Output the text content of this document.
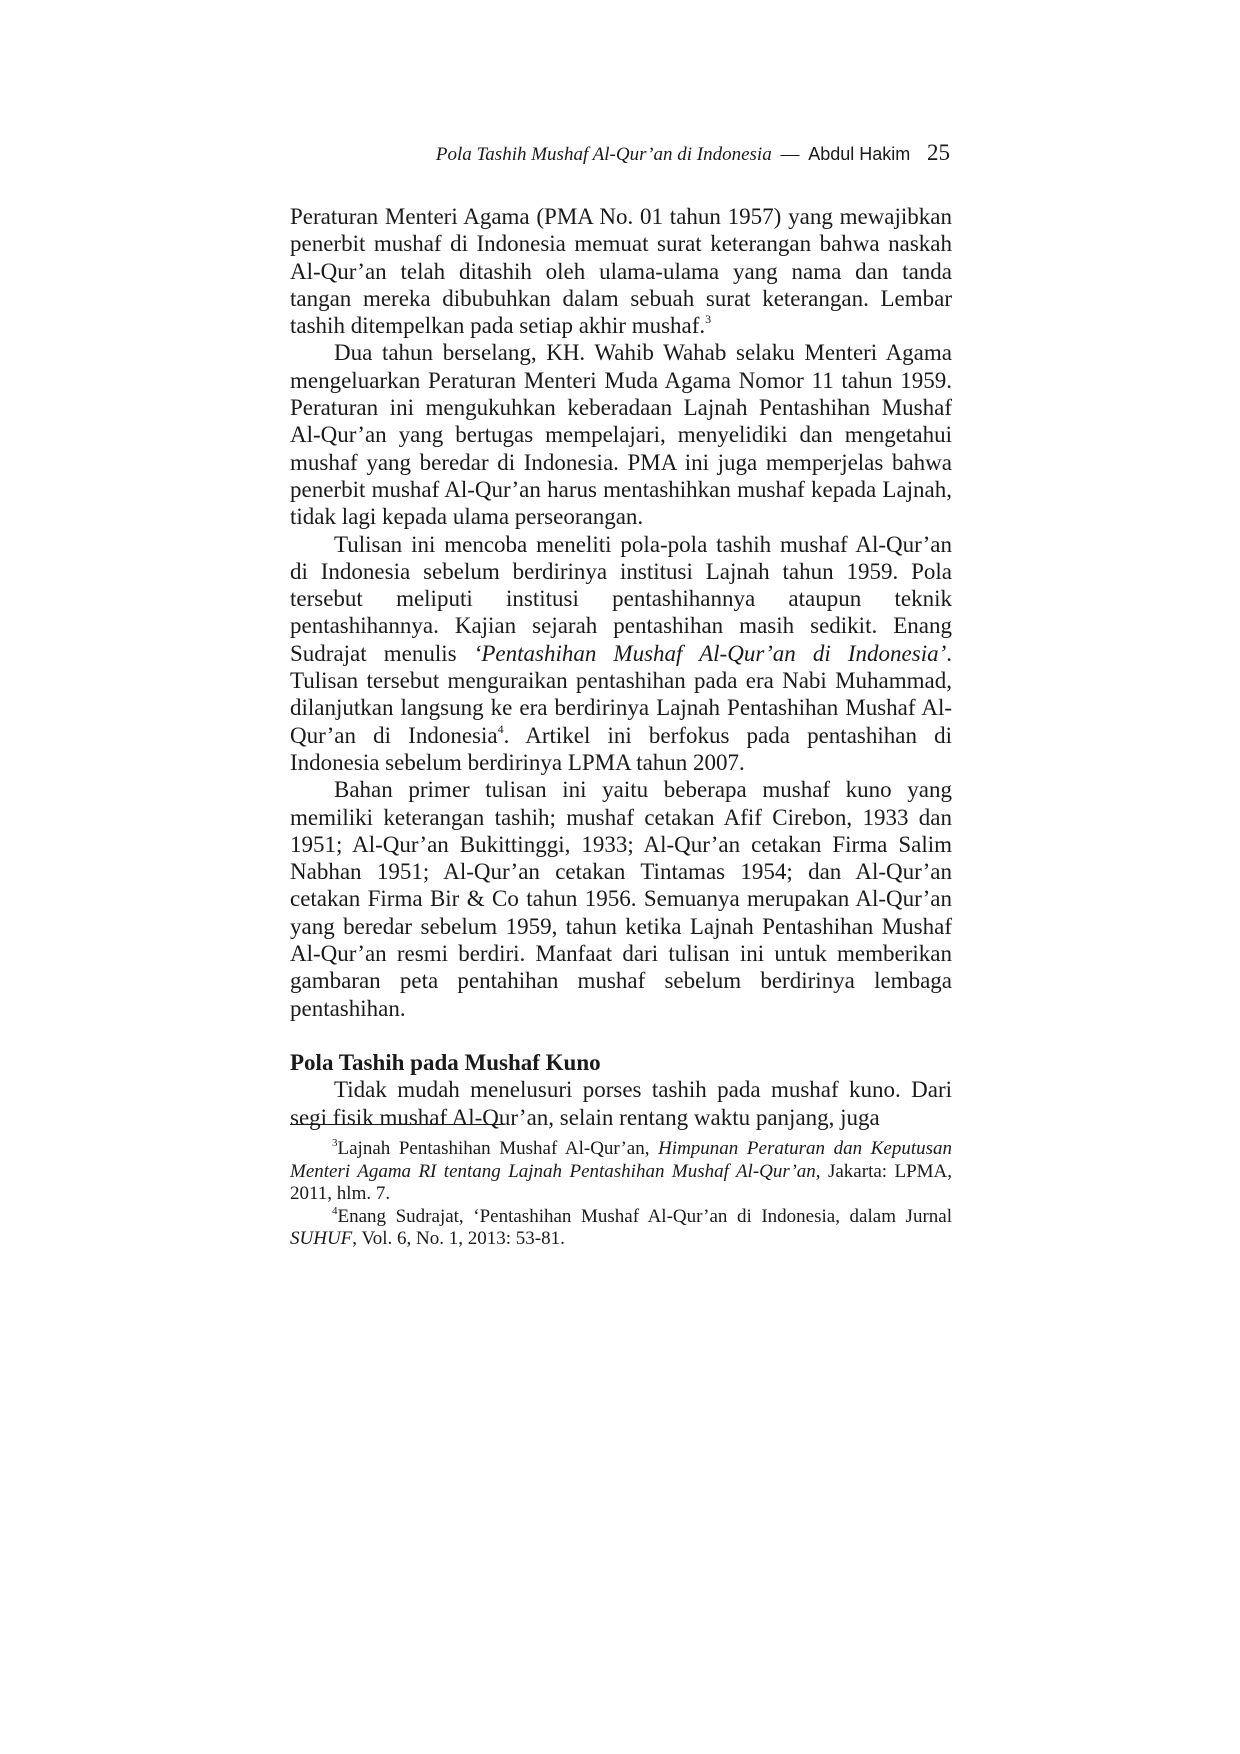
Pola Tashih Mushaf Al-Qur’an di Indonesia — Abdul Hakim 25

Peraturan Menteri Agama (PMA No. 01 tahun 1957) yang mewajibkan penerbit mushaf di Indonesia memuat surat keterangan bahwa naskah Al-Qur’an telah ditashih oleh ulama-ulama yang nama dan tanda tangan mereka dibubuhkan dalam sebuah surat keterangan. Lembar tashih ditempelkan pada setiap akhir mushaf.$^3$

Dua tahun berselang, KH. Wahib Wahab selaku Menteri Agama mengeluarkan Peraturan Menteri Muda Agama Nomor 11 tahun 1959. Peraturan ini mengukuhkan keberadaan Lajnah Pentashihan Mushaf Al-Qur’an yang bertugas mempelajari, menyelidiki dan mengetahui mushaf yang beredar di Indonesia. PMA ini juga memperjelas bahwa penerbit mushaf Al-Qur’an harus mentashihkan mushaf kepada Lajnah, tidak lagi kepada ulama perseorangan.

Tulisan ini mencoba meneliti pola-pola tashih mushaf Al-Qur’an di Indonesia sebelum berdirinya institusi Lajnah tahun 1959. Pola tersebut meliputi institusi pentashihannya ataupun teknik pentashihannya. Kajian sejarah pentashihan masih sedikit. Enang Sudrajat menulis ‘Pentashihan Mushaf Al-Qur’an di Indonesia’. Tulisan tersebut menguraikan pentashihan pada era Nabi Muhammad, dilanjutkan langsung ke era berdirinya Lajnah Pentashihan Mushaf Al-Qur’an di Indonesia$^4$. Artikel ini berfokus pada pentashihan di Indonesia sebelum berdirinya LPMA tahun 2007.

Bahan primer tulisan ini yaitu beberapa mushaf kuno yang memiliki keterangan tashih; mushaf cetakan Afif Cirebon, 1933 dan 1951; Al-Qur’an Bukittinggi, 1933; Al-Qur’an cetakan Firma Salim Nabhan 1951; Al-Qur’an cetakan Tintamas 1954; dan Al-Qur’an cetakan Firma Bir & Co tahun 1956. Semuanya merupakan Al-Qur’an yang beredar sebelum 1959, tahun ketika Lajnah Pentashihan Mushaf Al-Qur’an resmi berdiri. Manfaat dari tulisan ini untuk memberikan gambaran peta pentahihan mushaf sebelum berdirinya lembaga pentashihan.

Pola Tashih pada Mushaf Kuno

Tidak mudah menelusuri porses tashih pada mushaf kuno. Dari segi fisik mushaf Al-Qur’an, selain rentang waktu panjang, juga

$^3$Lajnah Pentashihan Mushaf Al-Qur’an, Himpunan Peraturan dan Keputusan Menteri Agama RI tentang Lajnah Pentashihan Mushaf Al-Qur’an, Jakarta: LPMA, 2011, hlm. 7.

$^4$Enang Sudrajat, ‘Pentashihan Mushaf Al-Qur’an di Indonesia, dalam Jurnal SUHUF, Vol. 6, No. 1, 2013: 53-81.
